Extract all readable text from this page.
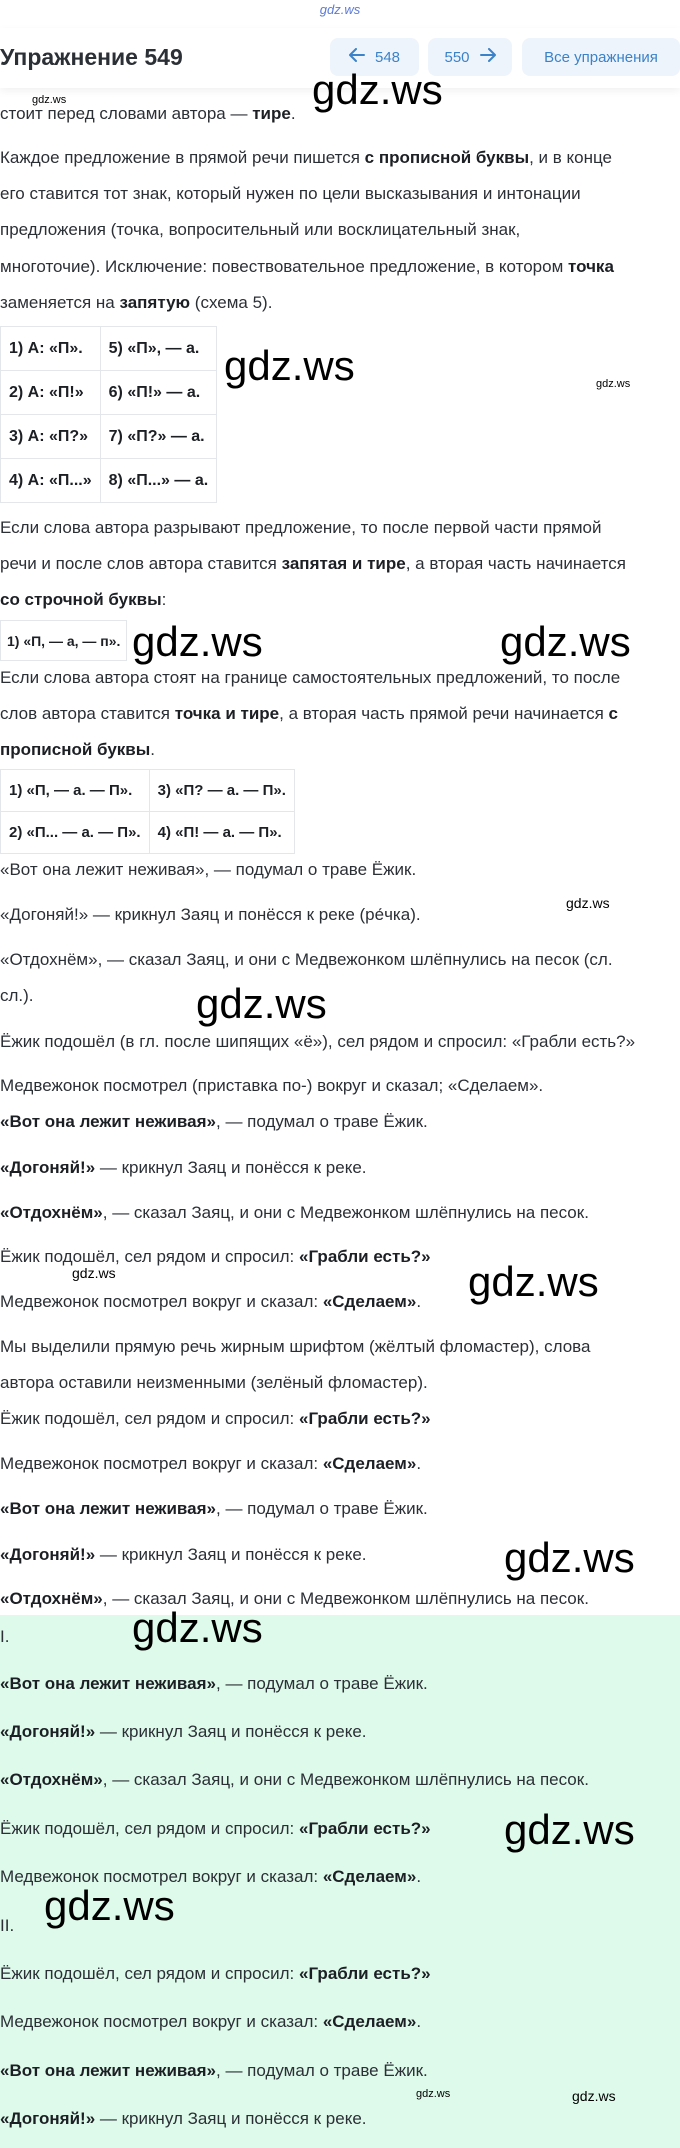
gdz.ws
Упражнение 549	548	550	Все упражнения
стоит перед словами автора — тире.
Каждое предложение в прямой речи пишется с прописной буквы, и в конце
его ставится тот знак, который нужен по цели высказывания и интонации
предложения (точка, вопросительный или восклицательный знак,
многоточие). Исключение: повествовательное предложение, в котором точка
заменяется на запятую (схема 5).
1) А: «П».	5) «П», — а.
2) А: «П!»	6) «П!» — а.
3) А: «П?»	7) «П?» — а.
4) А: «П...»	8) «П...» — а.
Если слова автора разрывают предложение, то после первой части прямой
речи и после слов автора ставится запятая и тире, а вторая часть начинается
со строчной буквы:
1) «П, — а, — п».
Если слова автора стоят на границе самостоятельных предложений, то после
слов автора ставится точка и тире, а вторая часть прямой речи начинается с
прописной буквы.
1) «П, — а. — П».	3) «П? — а. — П».
2) «П... — а. — П».	4) «П! — а. — П».
«Вот она лежит неживая», — подумал о траве Ёжик.
«Догоняй!» — крикнул Заяц и понёсся к реке (ре́чка).
«Отдохнём», — сказал Заяц, и они с Медвежонком шлёпнулись на песок (сл.
сл.).
Ёжик подошёл (в гл. после шипящих «ё»), сел рядом и спросил: «Грабли есть?»
Медвежонок посмотрел (приставка по-) вокруг и сказал; «Сделаем».
«Вот она лежит неживая», — подумал о траве Ёжик.
«Догоняй!» — крикнул Заяц и понёсся к реке.
«Отдохнём», — сказал Заяц, и они с Медвежонком шлёпнулись на песок.
Ёжик подошёл, сел рядом и спросил: «Грабли есть?»
Медвежонок посмотрел вокруг и сказал: «Сделаем».
Мы выделили прямую речь жирным шрифтом (жёлтый фломастер), слова
автора оставили неизменными (зелёный фломастер).
Ёжик подошёл, сел рядом и спросил: «Грабли есть?»
Медвежонок посмотрел вокруг и сказал: «Сделаем».
«Вот она лежит неживая», — подумал о траве Ёжик.
«Догоняй!» — крикнул Заяц и понёсся к реке.
«Отдохнём», — сказал Заяц, и они с Медвежонком шлёпнулись на песок.
I.
«Вот она лежит неживая», — подумал о траве Ёжик.
«Догоняй!» — крикнул Заяц и понёсся к реке.
«Отдохнём», — сказал Заяц, и они с Медвежонком шлёпнулись на песок.
Ёжик подошёл, сел рядом и спросил: «Грабли есть?»
Медвежонок посмотрел вокруг и сказал: «Сделаем».
II.
Ёжик подошёл, сел рядом и спросил: «Грабли есть?»
Медвежонок посмотрел вокруг и сказал: «Сделаем».
«Вот она лежит неживая», — подумал о траве Ёжик.
«Догоняй!» — крикнул Заяц и понёсся к реке.
gdz.ws
gdz.ws
gdz.ws	gdz.ws
gdz.ws	gdz.ws
gdz.ws
gdz.ws
gdz.ws	gdz.ws
gdz.ws
gdz.ws
gdz.ws
gdz.ws
gdz.ws	gdz.ws
